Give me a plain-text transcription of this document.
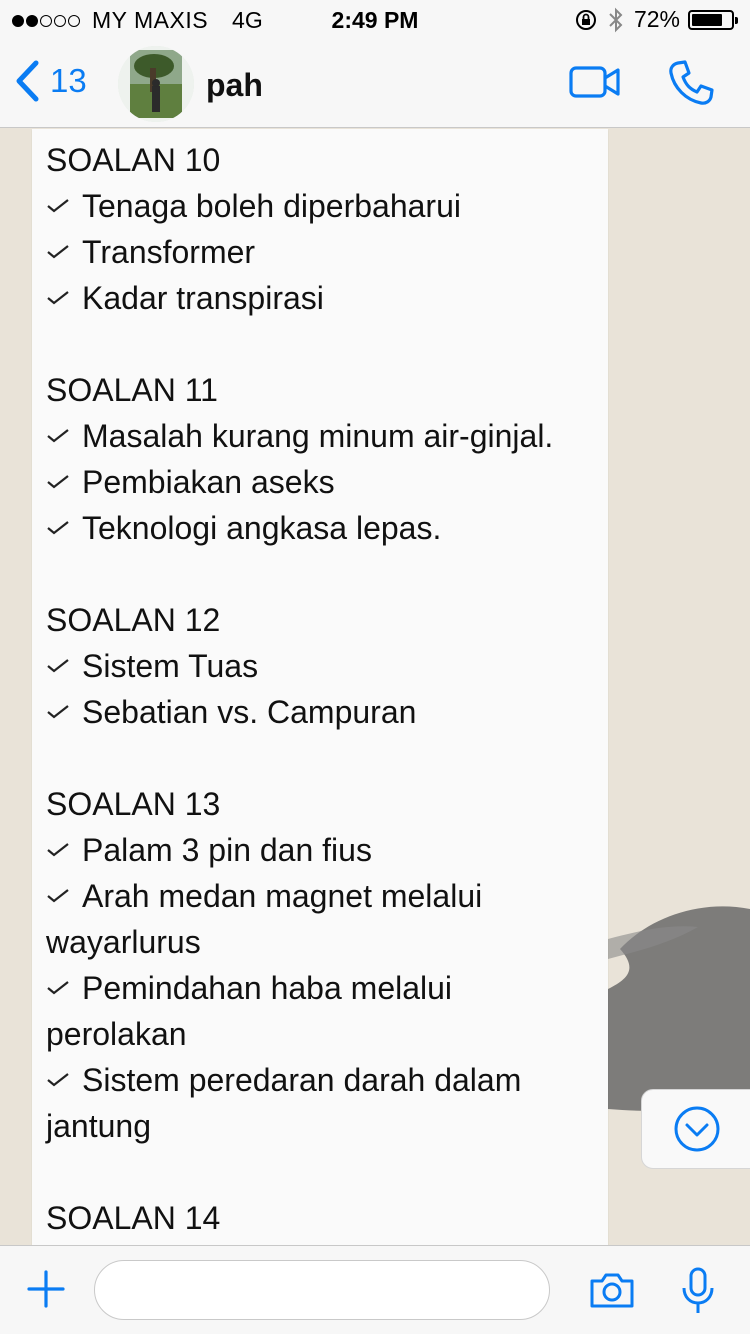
MY MAXIS 4G	2:49 PM	72%
13	pah
SOALAN 10
Tenaga boleh diperbaharui
Transformer
Kadar transpirasi
SOALAN 11
Masalah kurang minum air-ginjal.
Pembiakan aseks
Teknologi angkasa lepas.
SOALAN 12
Sistem Tuas
Sebatian vs. Campuran
SOALAN 13
Palam 3 pin dan fius
Arah medan magnet melalui wayarlurus
Pemindahan haba melalui perolakan
Sistem peredaran darah dalam jantung
SOALAN 14
